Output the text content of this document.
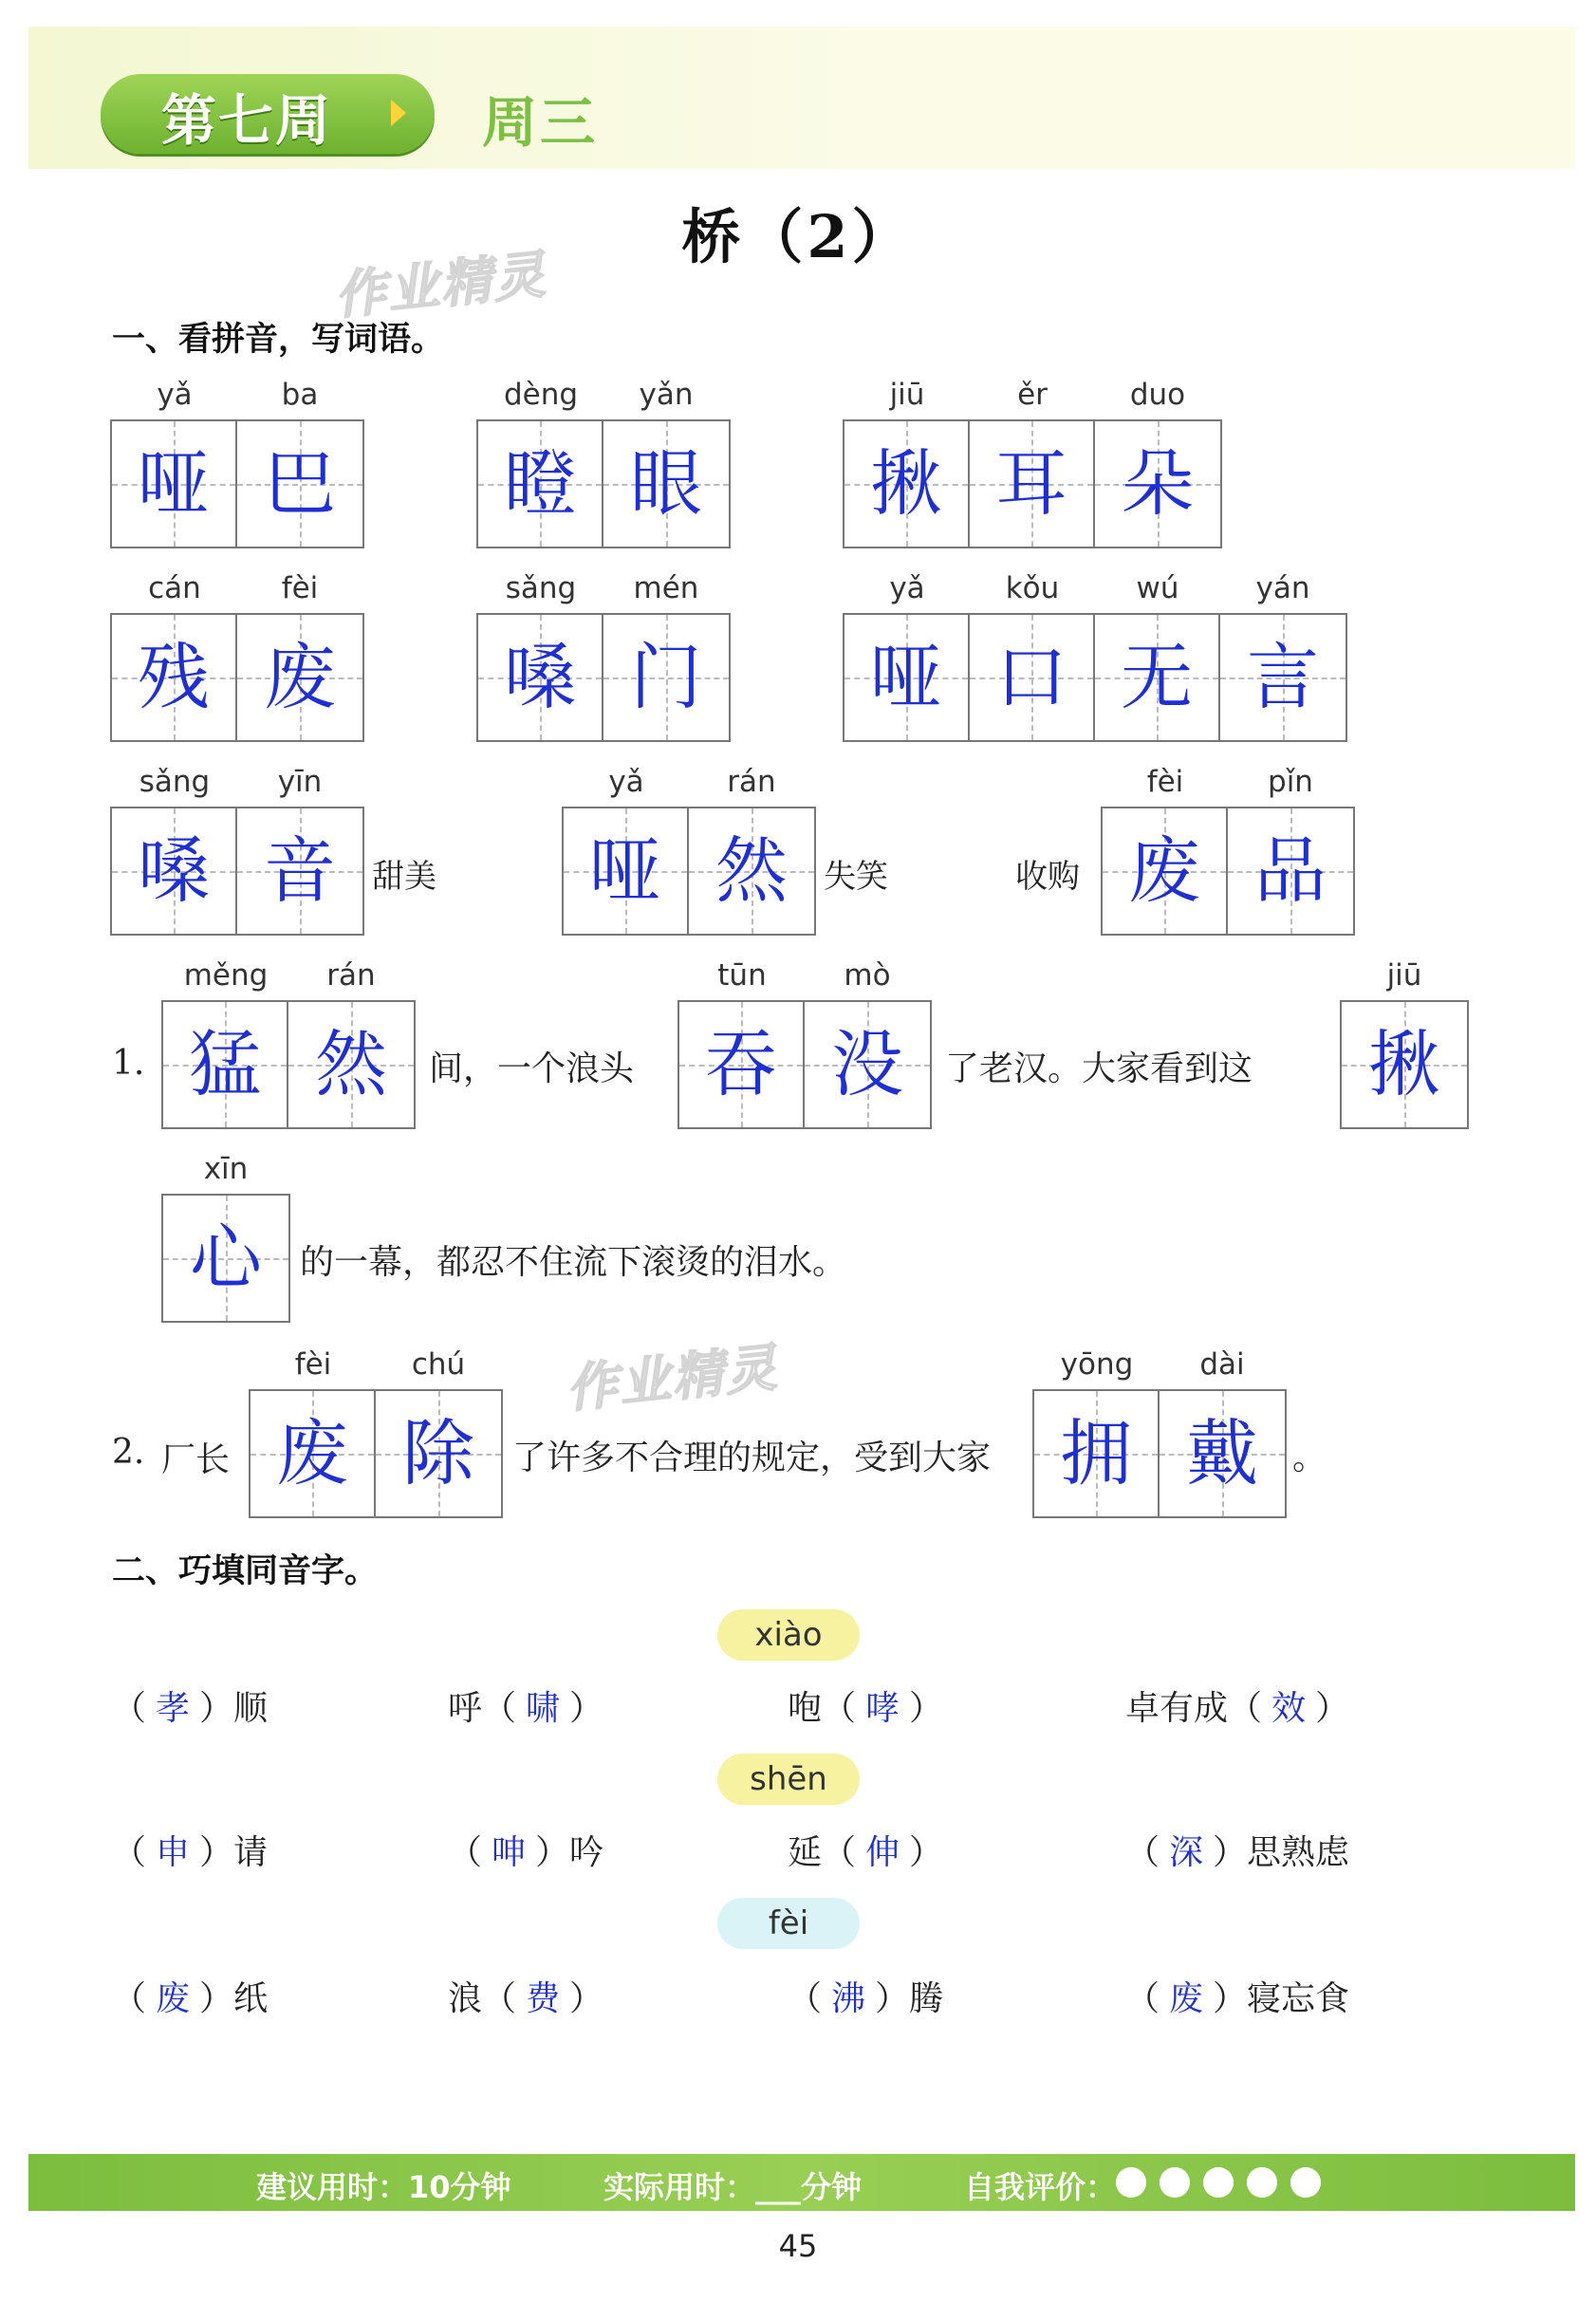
第七周	周三
桥（2）
作业精灵
作业精灵
一、看拼音，写词语。
yǎ	ba
哑 巴
dèng	yǎn
瞪 眼
jiū	ěr	duo
揪 耳 朵
cán	fèi
残 废
sǎng	mén
嗓 门
yǎ	kǒu	wú	yán
哑 口 无 言
sǎng	yīn
嗓 音 甜美
yǎ	rán
哑 然 失笑	收购
fèi	pǐn
废 品
1.
měng	rán
猛 然 间，一个浪头
tūn	mò
吞 没 了老汉。大家看到这
jiū
揪
xīn
心 的一幕，都忍不住流下滚烫的泪水。
2. 厂长
fèi	chú
废 除 了许多不合理的规定，受到大家
yōng	dài
拥 戴 。
二、巧填同音字。
xiào
（ 孝 ）顺	呼（ 啸 ）	咆（ 哮 ）	卓有成（ 效 ）
shēn
（ 申 ）请	（ 呻 ）吟	延（ 伸 ）	（ 深 ）思熟虑
fèi
（ 废 ）纸	浪（ 费 ）	（ 沸 ）腾	（ 废 ）寝忘食
建议用时：10分钟	实际用时：___分钟	自我评价：
45
